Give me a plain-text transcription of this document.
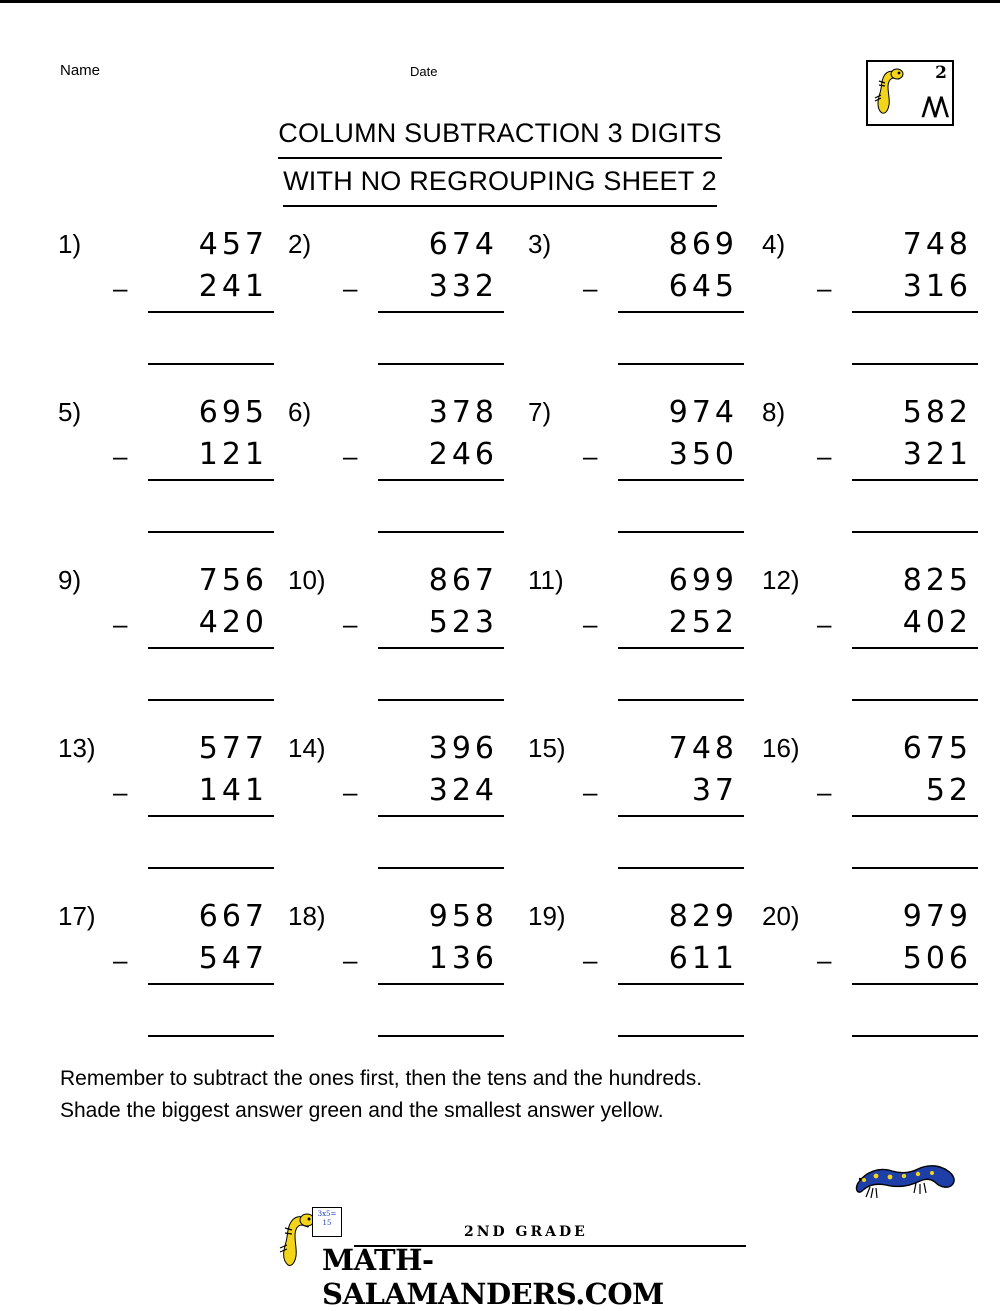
Name	Date
COLUMN SUBTRACTION 3 DIGITS
WITH NO REGROUPING SHEET 2
2
/\/\
1)	457
– 241
2)	674
– 332
3)	869
– 645
4)	748
– 316
5)	695
– 121
6)	378
– 246
7)	974
– 350
8)	582
– 321
9)	756
– 420
10)	867
– 523
11)	699
– 252
12)	825
– 402
13)	577
– 141
14)	396
– 324
15)	748
–	37
16)	675
–	52
17)	667
– 547
18)	958
– 136
19)	829
– 611
20)	979
– 506
Remember to subtract the ones first, then the tens and the hundreds.
Shade the biggest answer green and the smallest answer yellow.
3x5=
15
2ND GRADE
MATH-SALAMANDERS.COM
